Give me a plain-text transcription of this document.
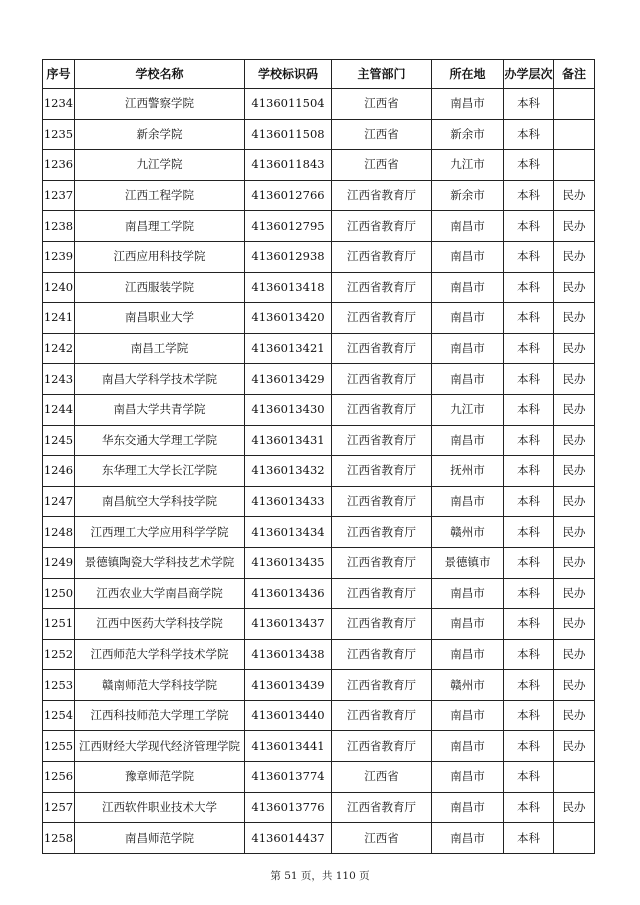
序号	学校名称	学校标识码	主管部门	所在地	办学层次	备注
1234	江西警察学院	4136011504	江西省	南昌市	本科	
1235	新余学院	4136011508	江西省	新余市	本科	
1236	九江学院	4136011843	江西省	九江市	本科	
1237	江西工程学院	4136012766	江西省教育厅	新余市	本科	民办
1238	南昌理工学院	4136012795	江西省教育厅	南昌市	本科	民办
1239	江西应用科技学院	4136012938	江西省教育厅	南昌市	本科	民办
1240	江西服装学院	4136013418	江西省教育厅	南昌市	本科	民办
1241	南昌职业大学	4136013420	江西省教育厅	南昌市	本科	民办
1242	南昌工学院	4136013421	江西省教育厅	南昌市	本科	民办
1243	南昌大学科学技术学院	4136013429	江西省教育厅	南昌市	本科	民办
1244	南昌大学共青学院	4136013430	江西省教育厅	九江市	本科	民办
1245	华东交通大学理工学院	4136013431	江西省教育厅	南昌市	本科	民办
1246	东华理工大学长江学院	4136013432	江西省教育厅	抚州市	本科	民办
1247	南昌航空大学科技学院	4136013433	江西省教育厅	南昌市	本科	民办
1248	江西理工大学应用科学学院	4136013434	江西省教育厅	赣州市	本科	民办
1249	景德镇陶瓷大学科技艺术学院	4136013435	江西省教育厅	景德镇市	本科	民办
1250	江西农业大学南昌商学院	4136013436	江西省教育厅	南昌市	本科	民办
1251	江西中医药大学科技学院	4136013437	江西省教育厅	南昌市	本科	民办
1252	江西师范大学科学技术学院	4136013438	江西省教育厅	南昌市	本科	民办
1253	赣南师范大学科技学院	4136013439	江西省教育厅	赣州市	本科	民办
1254	江西科技师范大学理工学院	4136013440	江西省教育厅	南昌市	本科	民办
1255	江西财经大学现代经济管理学院	4136013441	江西省教育厅	南昌市	本科	民办
1256	豫章师范学院	4136013774	江西省	南昌市	本科	
1257	江西软件职业技术大学	4136013776	江西省教育厅	南昌市	本科	民办
1258	南昌师范学院	4136014437	江西省	南昌市	本科	
第 51 页，共 110 页
